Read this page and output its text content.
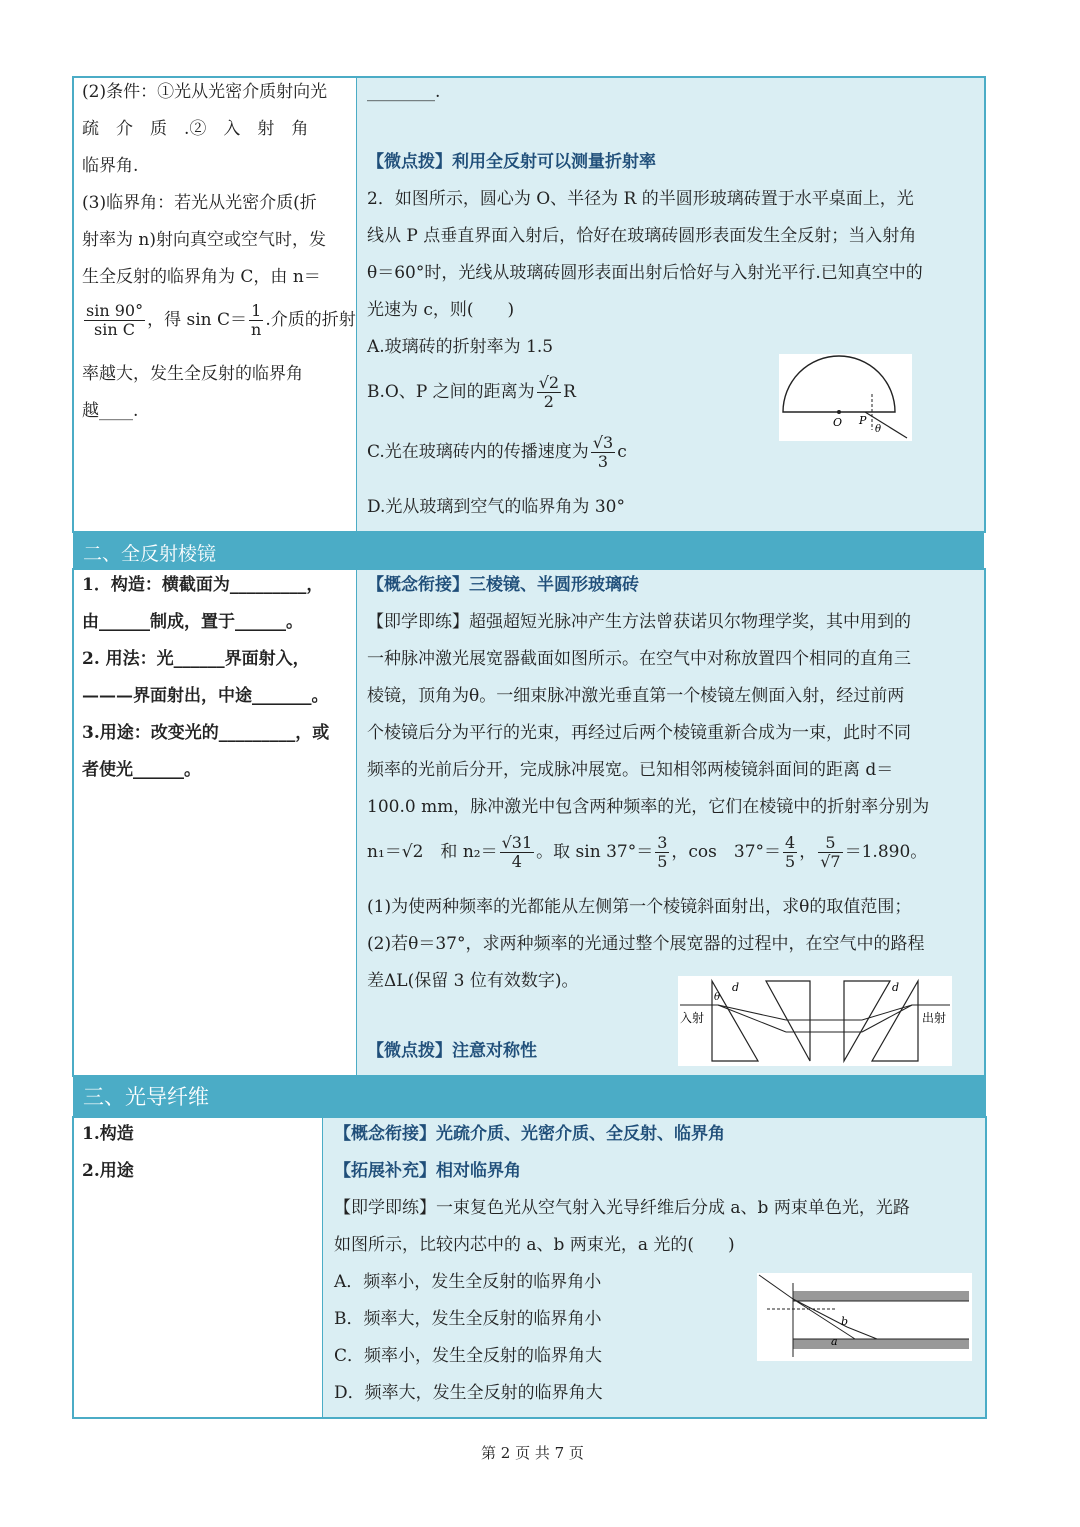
(2)条件：①光从光密介质射向光
疏　介　质　.②　入　射　角
临界角.
(3)临界角：若光从光密介质(折
射率为 n)射向真空或空气时，发
生全反射的临界角为 C，由 n＝
$\frac{\sin 90^\circ}{\text{sin C}}$ ，得 $\sin C= \frac{1}{n}$ .介质的折射
率越大，发生全反射的临界角
越____.
________.
【微点拨】利用全反射可以测量折射率
2．如图所示，圆心为 O、半径为 R 的半圆形玻璃砖置于水平桌面上，光
线从 P 点垂直界面入射后，恰好在玻璃砖圆形表面发生全反射；当入射角
θ＝60°时，光线从玻璃砖圆形表面出射后恰好与入射光平行.已知真空中的
光速为 c，则(　　)
A.玻璃砖的折射率为 1.5
B.O、P 之间的距离为 $\frac{√2}{2}$ R
C.光在玻璃砖内的传播速度为 $\frac{√3}{3}$ c
D.光从玻璃到空气的临界角为 30°
O P
θ
二、全反射棱镜
1．构造：横截面为_________，
由______制成，置于______。
2. 用法：光______界面射入，
———界面射出，中途_______。
3.用途：改变光的_________，或
者使光______。
【概念衔接】三棱镜、半圆形玻璃砖
【即学即练】超强超短光脉冲产生方法曾获诺贝尔物理学奖，其中用到的
一种脉冲激光展宽器截面如图所示。在空气中对称放置四个相同的直角三
棱镜，顶角为θ。一细束脉冲激光垂直第一个棱镜左侧面入射，经过前两
个棱镜后分为平行的光束，再经过后两个棱镜重新合成为一束，此时不同
频率的光前后分开，完成脉冲展宽。已知相邻两棱镜斜面间的距离 d＝
100.0 mm，脉冲激光中包含两种频率的光，它们在棱镜中的折射率分别为
n₁＝√2　和 $n_2= \frac{√31}{4}$ 。取 $\sin 37^\circ= \frac{3}{5}$ ，cos　$37^\circ= \frac{4}{5}$ ， $\frac{5}{√7} =1.890$。
(1)为使两种频率的光都能从左侧第一个棱镜斜面射出，求θ的取值范围；
(2)若θ＝37°，求两种频率的光通过整个展宽器的过程中，在空气中的路程
差ΔL(保留 3 位有效数字)。
【微点拨】注意对称性
入射	出射
d	d
θ
三、光导纤维
1.构造
2.用途
【概念衔接】光疏介质、光密介质、全反射、临界角
【拓展补充】相对临界角
【即学即练】一束复色光从空气射入光导纤维后分成 a、b 两束单色光，光路
如图所示，比较内芯中的 a、b 两束光，a 光的(　　)
A．频率小，发生全反射的临界角小
B．频率大，发生全反射的临界角小
C．频率小，发生全反射的临界角大
D．频率大，发生全反射的临界角大
b
a
第 2 页 共 7 页
